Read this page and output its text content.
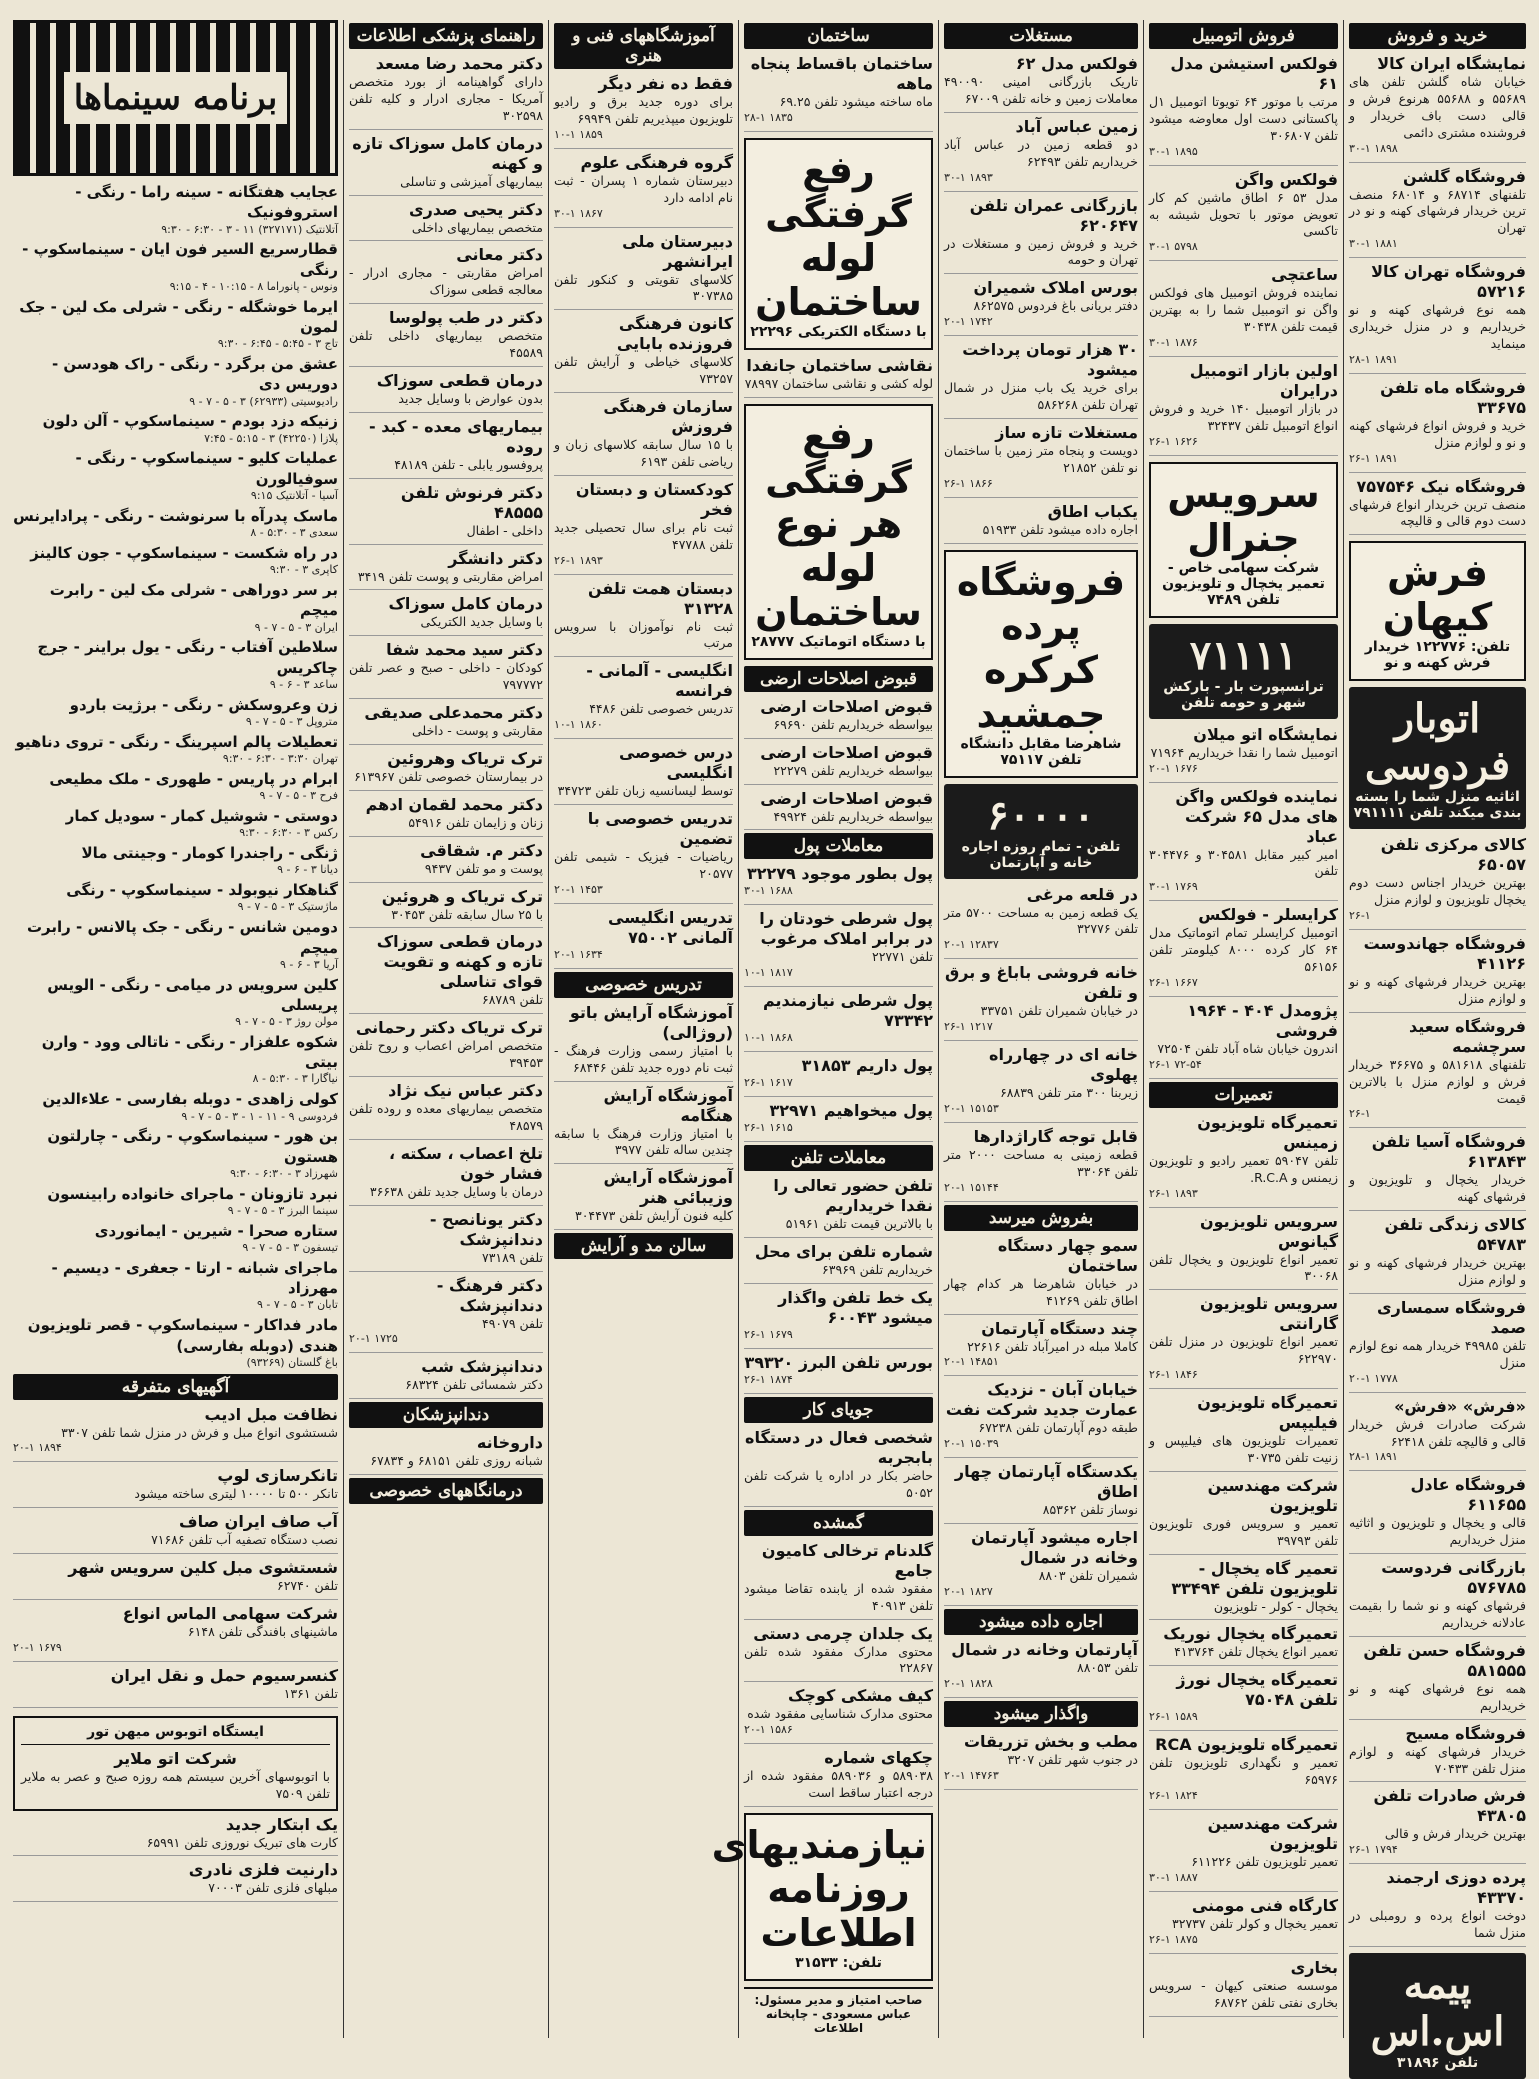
خرید و فروش
نمایشگاه ایران کالا
خیابان شاه گلشن تلفن های ۵۵۶۸۹ و ۵۵۶۸۸ هرنوع فرش و قالی دست باف خریدار و فروشنده مشتری دائمی
۳۰-۱ ۱۸۹۸
فروشگاه گلشن
تلفنهای ۶۸۷۱۴ و ۶۸۰۱۴ منصف ترین خریدار فرشهای کهنه و نو در تهران
۳۰-۱ ۱۸۸۱
فروشگاه تهران کالا ۵۷۲۱۶
همه نوع فرشهای کهنه و نو خریداریم و در منزل خریداری مینماید
۲۸-۱ ۱۸۹۱
فروشگاه ماه تلفن ۳۳۶۷۵
خرید و فروش انواع فرشهای کهنه و نو و لوازم منزل
۲۶-۱ ۱۸۹۱
فروشگاه نیک ۷۵۷۵۴۶
منصف ترین خریدار انواع فرشهای دست دوم قالی و قالیچه
فرش کیهان
تلفن: ۱۲۲۷۷۶ خریدار فرش کهنه و نو
اتوبار فردوسی
اثاثیه منزل شما را بسته بندی میکند تلفن ۷۹۱۱۱۱
کالای مرکزی تلفن ۶۵۰۵۷
بهترین خریدار اجناس دست دوم یخچال تلویزیون و لوازم منزل
۲۶-۱
فروشگاه جهاندوست ۴۱۱۲۶
بهترین خریدار فرشهای کهنه و نو و لوازم منزل
فروشگاه سعید سرچشمه
تلفنهای ۵۸۱۶۱۸ و ۳۶۶۷۵ خریدار فرش و لوازم منزل با بالاترین قیمت
۲۶-۱
فروشگاه آسیا تلفن ۶۱۳۸۴۳
خریدار یخچال و تلویزیون و فرشهای کهنه
کالای زندگی تلفن ۵۴۷۸۳
بهترین خریدار فرشهای کهنه و نو و لوازم منزل
فروشگاه سمساری صمد
تلفن ۴۹۹۸۵ خریدار همه نوع لوازم منزل
۲۰-۱ ۱۷۷۸
«فرش» «فرش»
شرکت صادرات فرش خریدار قالی و قالیچه تلفن ۶۲۴۱۸
۲۸-۱ ۱۸۹۱
فروشگاه عادل ۶۱۱۶۵۵
قالی و یخچال و تلویزیون و اثاثیه منزل خریداریم
بازرگانی فردوست ۵۷۶۷۸۵
فرشهای کهنه و نو شما را بقیمت عادلانه خریداریم
فروشگاه حسن تلفن ۵۸۱۵۵۵
همه نوع فرشهای کهنه و نو خریداریم
فروشگاه مسیح
خریدار فرشهای کهنه و لوازم منزل تلفن ۷۰۴۳۳
فرش صادرات تلفن ۴۳۸۰۵
بهترین خریدار فرش و قالی
۲۶-۱ ۱۷۹۴
پرده دوزی ارجمند ۴۳۳۷۰
دوخت انواع پرده و رومبلی در منزل شما
پیمه اس.اس
تلفن ۳۱۸۹۶
فروش اتومبیل
فولکس استیشن مدل ۶۱
مرتب با موتور ۶۴ تویوتا اتومبیل ۱ل پاکستانی دست اول معاوضه میشود تلفن ۳۰۶۸۰۷
۳۰-۱ ۱۸۹۵
فولکس واگن
مدل ۵۳ ۶ اطاق ماشین کم کار تعویض موتور با تحویل شیشه به تاکسی
۳۰-۱ ۵۷۹۸
ساعتچی
نماینده فروش اتومبیل های فولکس واگن نو اتومبیل شما را به بهترین قیمت تلفن ۳۰۴۳۸
۳۰-۱ ۱۸۷۶
اولین بازار اتومبیل درایران
در بازار اتومبیل ۱۴۰ خرید و فروش انواع اتومبیل تلفن ۳۲۴۳۷
۲۶-۱ ۱۶۲۶
سرویس جنرال
شرکت سهامی خاص - تعمیر یخچال و تلویزیون تلفن ۷۴۸۹
۷۱۱۱۱
ترانسپورت بار - بارکش شهر و حومه تلفن
نمایشگاه اتو میلان
اتومبیل شما را نقدا خریداریم ۷۱۹۶۴
۲۰-۱ ۱۶۷۶
نماینده فولکس واگن های مدل ۶۵ شرکت عباد
امیر کبیر مقابل ۳۰۴۵۸۱ و ۳۰۴۴۷۶ تلفن
۳۰-۱ ۱۷۶۹
کرایسلر - فولکس
اتومبیل کرایسلر تمام اتوماتیک مدل ۶۴ کار کرده ۸۰۰۰ کیلومتر تلفن ۵۶۱۵۶
۲۶-۱ ۱۶۶۷
پژومدل ۴۰۴ - ۱۹۶۴ فروشی
اندرون خیابان شاه آباد تلفن ۷۲۵۰۴
۲۶-۱ ۷۲-۵۴
تعمیرات
تعمیرگاه تلویزیون زمینس
تلفن ۵۹۰۴۷ تعمیر رادیو و تلویزیون زیمنس و R.C.A.
۲۶-۱ ۱۸۹۳
سرویس تلویزیون گیانوس
تعمیر انواع تلویزیون و یخچال تلفن ۳۰۰۶۸
سرویس تلویزیون گارانتی
تعمیر انواع تلویزیون در منزل تلفن ۶۲۲۹۷۰
۲۶-۱ ۱۸۴۶
تعمیرگاه تلویزیون فیلیپس
تعمیرات تلویزیون های فیلیپس و زنیت تلفن ۳۰۷۳۵
شرکت مهندسین تلویزیون
تعمیر و سرویس فوری تلویزیون تلفن ۳۹۷۹۳
تعمیر گاه یخچال - تلویزیون تلفن ۳۳۴۹۴
یخچال - کولر - تلویزیون
تعمیرگاه یخچال نوریک
تعمیر انواع یخچال تلفن ۴۱۳۷۶۴
تعمیرگاه یخچال نورژ تلفن ۷۵۰۴۸
۲۶-۱ ۱۵۸۹
تعمیرگاه تلویزیون RCA
تعمیر و نگهداری تلویزیون تلفن ۶۵۹۷۶
۲۶-۱ ۱۸۲۴
شرکت مهندسین تلویزیون
تعمیر تلویزیون تلفن ۶۱۱۲۲۶
۳۰-۱ ۱۸۸۷
کارگاه فنی مومنی
تعمیر یخچال و کولر تلفن ۳۲۷۳۷
۲۶-۱ ۱۸۷۵
بخاری
موسسه صنعتی کیهان - سرویس بخاری نفتی تلفن ۶۸۷۶۲
مستغلات
فولکس مدل ۶۲
تاریک بازرگانی امینی ۴۹۰۰۹۰ معاملات زمین و خانه تلفن ۶۷۰۰۹
زمین عباس آباد
دو قطعه زمین در عباس آباد خریداریم تلفن ۶۲۴۹۳
۳۰-۱ ۱۸۹۳
بازرگانی عمران تلفن ۶۲۰۶۴۷
خرید و فروش زمین و مستغلات در تهران و حومه
بورس املاک شمیران
دفتر بریانی باغ فردوس ۸۶۲۵۷۵
۲۰-۱ ۱۷۴۲
۳۰ هزار تومان پرداخت میشود
برای خرید یک باب منزل در شمال تهران تلفن ۵۸۶۲۶۸
مستغلات تازه ساز
دویست و پنجاه متر زمین با ساختمان نو تلفن ۲۱۸۵۲
۲۶-۱ ۱۸۶۶
یکباب اطاق
اجاره داده میشود تلفن ۵۱۹۳۳
فروشگاه پرده کرکره جمشید
شاهرضا مقابل دانشگاه تلفن ۷۵۱۱۷
۶۰۰۰۰
تلفن - تمام روزه اجاره خانه و آپارتمان
در قلعه مرغی
یک قطعه زمین به مساحت ۵۷۰۰ متر تلفن ۳۲۷۷۶
۲۰-۱ ۱۲۸۳۷
خانه فروشی باباغ و برق و تلفن
در خیابان شمیران تلفن ۳۳۷۵۱
۲۶-۱ ۱۲۱۷
خانه ای در چهارراه پهلوی
زیربنا ۳۰۰ متر تلفن ۶۸۸۳۹
۲۰-۱ ۱۵۱۵۳
قابل توجه گاراژدارها
قطعه زمینی به مساحت ۲۰۰۰ متر تلفن ۳۳۰۶۴
۲۰-۱ ۱۵۱۴۴
بفروش میرسد
سمو چهار دستگاه ساختمان
در خیابان شاهرضا هر کدام چهار اطاق تلفن ۴۱۲۶۹
چند دستگاه آپارتمان
کاملا مبله در امیرآباد تلفن ۲۲۶۱۶
۲۰-۱ ۱۴۸۵۱
خیابان آبان - نزدیک عمارت جدید شرکت نفت
طبقه دوم آپارتمان تلفن ۶۷۲۳۸
۲۰-۱ ۱۵۰۳۹
یکدستگاه آپارتمان چهار اطاق
نوساز تلفن ۸۵۳۶۲
اجاره میشود آپارتمان وخانه در شمال
شمیران تلفن ۸۸۰۳
۲۰-۱ ۱۸۲۷
اجاره داده میشود
آپارتمان وخانه در شمال
تلفن ۸۸۰۵۳
۲۰-۱ ۱۸۲۸
واگذار میشود
مطب و بخش تزریقات
در جنوب شهر تلفن ۳۲۰۷
۲۰-۱ ۱۴۷۶۳
ساختمان
ساختمان باقساط پنجاه ماهه
ماه ساخته میشود تلفن ۶۹.۲۵
۲۸-۱ ۱۸۳۵
رفع گرفتگی لوله ساختمان
با دستگاه الکتریکی ۲۲۲۹۶
نقاشی ساختمان جانفدا
لوله کشی و نقاشی ساختمان ۷۸۹۹۷
رفع گرفتگی هر نوع لوله ساختمان
با دستگاه اتوماتیک ۲۸۷۷۷
قبوض اصلاحات ارضی
قبوض اصلاحات ارضی
بیواسطه خریداریم تلفن ۶۹۶۹۰
قبوض اصلاحات ارضی
بیواسطه خریداریم تلفن ۲۲۲۷۹
قبوض اصلاحات ارضی
بیواسطه خریداریم تلفن ۴۹۹۲۴
معاملات پول
پول بطور موجود ۳۲۲۷۹
۳۰-۱ ۱۶۸۸
پول شرطی خودتان را در برابر املاک مرغوب
تلفن ۲۲۷۷۱
۱۰-۱ ۱۸۱۷
پول شرطی نیازمندیم ۷۳۳۴۲
۱۰-۱ ۱۸۶۸
پول داریم ۳۱۸۵۳
۲۶-۱ ۱۶۱۷
پول میخواهیم ۳۲۹۷۱
۲۶-۱ ۱۶۱۵
معاملات تلفن
تلفن حضور تعالی را نقدا خریداریم
با بالاترین قیمت تلفن ۵۱۹۶۱
شماره تلفن برای محل
خریداریم تلفن ۶۳۹۶۹
یک خط تلفن واگذار میشود ۶۰۰۴۳
۲۶-۱ ۱۶۷۹
بورس تلفن البرز ۳۹۳۲۰
۲۶-۱ ۱۸۷۴
جویای کار
شخصی فعال در دستگاه بابجربه
حاضر بکار در اداره یا شرکت تلفن ۵۰۵۲
گمشده
گلدنام ترخالی کامیون جامع
مفقود شده از یابنده تقاضا میشود تلفن ۴۰۹۱۳
یک جلدان چرمی دستی
محتوی مدارک مفقود شده تلفن ۲۲۸۶۷
کیف مشکی کوچک
محتوی مدارک شناسایی مفقود شده
۲۰-۱ ۱۵۸۶
چکهای شماره
۵۸۹۰۳۸ و ۵۸۹۰۳۶ مفقود شده از درجه اعتبار ساقط است
نیازمندیهای روزنامه اطلاعات
تلفن: ۳۱۵۳۳
صاحب امتیاز و مدیر مسئول: عباس مسعودی - چاپخانه اطلاعات
آموزشگاههای فنی و هنری
فقط ده نفر دیگر
برای دوره جدید برق و رادیو تلویزیون میپذیریم تلفن ۶۹۹۴۹
۱۰-۱ ۱۸۵۹
گروه فرهنگی علوم
دبیرستان شماره ۱ پسران - ثبت نام ادامه دارد
۳۰-۱ ۱۸۶۷
دبیرستان ملی ایرانشهر
کلاسهای تقویتی و کنکور تلفن ۳۰۷۳۸۵
کانون فرهنگی فروزنده بابایی
کلاسهای خیاطی و آرایش تلفن ۷۳۲۵۷
سازمان فرهنگی فروزش
با ۱۵ سال سابقه کلاسهای زبان و ریاضی تلفن ۶۱۹۳
کودکستان و دبستان فخر
ثبت نام برای سال تحصیلی جدید تلفن ۴۷۷۸۸
۲۶-۱ ۱۸۹۳
دبستان همت تلفن ۳۱۳۲۸
ثبت نام نوآموزان با سرویس مرتب
انگلیسی - آلمانی - فرانسه
تدریس خصوصی تلفن ۴۴۸۶
۱۰-۱ ۱۸۶۰
درس خصوصی انگلیسی
توسط لیسانسیه زبان تلفن ۳۴۷۲۳
تدریس خصوصی با تضمین
ریاضیات - فیزیک - شیمی تلفن ۲۰۵۷۷
۲۰-۱ ۱۴۵۳
تدریس انگلیسی آلمانی ۷۵۰۰۲
۲۰-۱ ۱۶۳۴
تدریس خصوصی
آموزشگاه آرایش باتو (روژالی)
با امتیاز رسمی وزارت فرهنگ - ثبت نام دوره جدید تلفن ۶۸۴۴۶
آموزشگاه آرایش هنگامه
با امتیاز وزارت فرهنگ با سابقه چندین ساله تلفن ۳۹۷۷
آموزشگاه آرایش وزیبائی هنر
کلیه فنون آرایش تلفن ۳۰۴۴۷۳
سالن مد و آرایش
راهنمای پزشکی اطلاعات
دکتر محمد رضا مسعد
دارای گواهینامه از بورد متخصص آمریکا - مجاری ادرار و کلیه تلفن ۳۰۲۵۹۸
درمان کامل سوزاک تازه و کهنه
بیماریهای آمیزشی و تناسلی
دکتر یحیی صدری
متخصص بیماریهای داخلی
دکتر معانی
امراض مقاربتی - مجاری ادرار - معالجه قطعی سوزاک
دکتر در طب پولوسا
متخصص بیماریهای داخلی تلفن ۴۵۵۸۹
درمان قطعی سوزاک
بدون عوارض با وسایل جدید
بیماریهای معده - کبد - روده
پروفسور یابلی - تلفن ۴۸۱۸۹
دکتر فرنوش تلفن ۴۸۵۵۵
داخلی - اطفال
دکتر دانشگر
امراض مقاربتی و پوست تلفن ۳۴۱۹
درمان کامل سوزاک
با وسایل جدید الکتریکی
دکتر سید محمد شفا
کودکان - داخلی - صبح و عصر تلفن ۷۹۷۷۷۲
دکتر محمدعلی صدیقی
مقاربتی و پوست - داخلی
ترک تریاک وهروئین
در بیمارستان خصوصی تلفن ۶۱۳۹۶۷
دکتر محمد لقمان ادهم
زنان و زایمان تلفن ۵۴۹۱۶
دکتر م. شقاقی
پوست و مو تلفن ۹۴۳۷
ترک تریاک و هروئین
با ۲۵ سال سابقه تلفن ۳۰۴۵۳
درمان قطعی سوزاک تازه و کهنه و تقویت قوای تناسلی
تلفن ۶۸۷۸۹
ترک تریاک دکتر رحمانی
متخصص امراض اعصاب و روح تلفن ۳۹۴۵۳
دکتر عباس نیک نژاد
متخصص بیماریهای معده و روده تلفن ۴۸۵۷۹
تلخ اعصاب ، سکته ، فشار خون
درمان با وسایل جدید تلفن ۳۶۶۳۸
دکتر یونانصح - دندانپزشک
تلفن ۷۳۱۸۹
دکتر فرهنگ - دندانپزشک
تلفن ۴۹۰۷۹
۲۰-۱ ۱۷۲۵
دندانپزشک شب
دکتر شمسائی تلفن ۶۸۳۲۴
دندانپزشکان
داروخانه
شبانه روزی تلفن ۶۸۱۵۱ و ۶۷۸۳۴
درمانگاههای خصوصی
برنامه سینماها
عجایب هفتگانه - سینه راما - رنگی - استروفونیک
آتلانتیک (۳۲۷۱۷۱) ۱۱ - ۳ - ۶:۳۰ - ۹:۳۰
قطارسریع السیر فون ایان - سینماسکوپ - رنگی
ونوس - پانوراما ۸ - ۱۰:۱۵ - ۴ - ۹:۱۵
ایرما خوشگله - رنگی - شرلی مک لین - جک لمون
تاج ۳ - ۵:۴۵ - ۶:۴۵ - ۹:۳۰
عشق من برگرد - رنگی - راک هودسن - دوریس دی
رادیوسیتی (۶۲۹۳۳) ۳ - ۵ - ۷ - ۹
زنیکه دزد بودم - سینماسکوپ - آلن دلون
پلازا (۴۲۲۵۰) ۳ - ۵:۱۵ - ۷:۴۵
عملیات کلیو - سینماسکوپ - رنگی - سوفیالورن
آسیا - آتلانتیک ۹:۱۵
ماسک پدرآه با سرنوشت - رنگی - پرادایرنس
سعدی ۳ - ۵:۳۰ - ۸
در راه شکست - سینماسکوپ - جون کالینز
کاپری ۳ - ۹:۳۰
بر سر دوراهی - شرلی مک لین - رابرت میچم
ایران ۳ - ۵ - ۷ - ۹
سلاطین آفتاب - رنگی - یول براینر - جرج چاکریس
ساعد ۳ - ۶ - ۹
زن وعروسکش - رنگی - برژیت باردو
متروپل ۳ - ۵ - ۷ - ۹
تعطیلات پالم اسپرینگ - رنگی - تروی دناهیو
تهران ۳:۳۰ - ۶:۳۰ - ۹:۳۰
ابرام در پاریس - طهوری - ملک مطیعی
فرح ۳ - ۵ - ۷ - ۹
دوستی - شوشیل کمار - سودیل کمار
رکس ۳ - ۶:۳۰ - ۹:۳۰
ژنگی - راجندرا کومار - وجینتی مالا
دیانا ۳ - ۶ - ۹
گناهکار نیوبولد - سینماسکوپ - رنگی
ماژستیک ۳ - ۵ - ۷ - ۹
دومین شانس - رنگی - جک پالانس - رابرت میچم
آریا ۳ - ۶ - ۹
کلین سرویس در میامی - رنگی - الویس پریسلی
مولن روژ ۳ - ۵ - ۷ - ۹
شکوه علفزار - رنگی - ناتالی وود - وارن بیتی
نیاگارا ۳ - ۵:۳۰ - ۸
کولی زاهدی - دوبله بفارسی - علاءالدین
فردوسی ۹ - ۱۱ - ۱ - ۳ - ۵ - ۷ - ۹
بن هور - سینماسکوپ - رنگی - چارلتون هستون
شهرزاد ۳ - ۶:۳۰ - ۹:۳۰
نبرد تازونان - ماجرای خانواده رابینسون
سینما البرز ۳ - ۵ - ۷ - ۹
ستاره صحرا - شیرین - ایمانوردی
تیسفون ۳ - ۵ - ۷ - ۹
ماجرای شبانه - ارتا - جعفری - دیسیم - مهرزاد
تابان ۳ - ۵ - ۷ - ۹
مادر فداکار - سینماسکوپ - قصر تلویزیون هندی (دوبله بفارسی)
باغ گلستان (۹۳۲۶۹)
آگهیهای متفرقه
نظافت مبل ادیب
شستشوی انواع مبل و فرش در منزل شما تلفن ۳۳۰۷
۲۰-۱ ۱۸۹۴
تانکرسازی لوپ
تانکر ۵۰۰ تا ۱۰۰۰۰ لیتری ساخته میشود
آب صاف ایران صاف
نصب دستگاه تصفیه آب تلفن ۷۱۶۸۶
شستشوی مبل کلین سرویس شهر
تلفن ۶۲۷۴۰
شرکت سهامی الماس انواع
ماشینهای بافندگی تلفن ۶۱۴۸
۲۰-۱ ۱۶۷۹
کنسرسیوم حمل و نقل ایران
تلفن ۱۳۶۱
ایستگاه اتوبوس میهن تور
شرکت اتو ملایر
با اتوبوسهای آخرین سیستم همه روزه صبح و عصر به ملایر تلفن ۷۵۰۹
یک ابتکار جدید
کارت های تبریک نوروزی تلفن ۶۵۹۹۱
دارنیت فلزی نادری
مبلهای فلزی تلفن ۷۰۰۰۳
